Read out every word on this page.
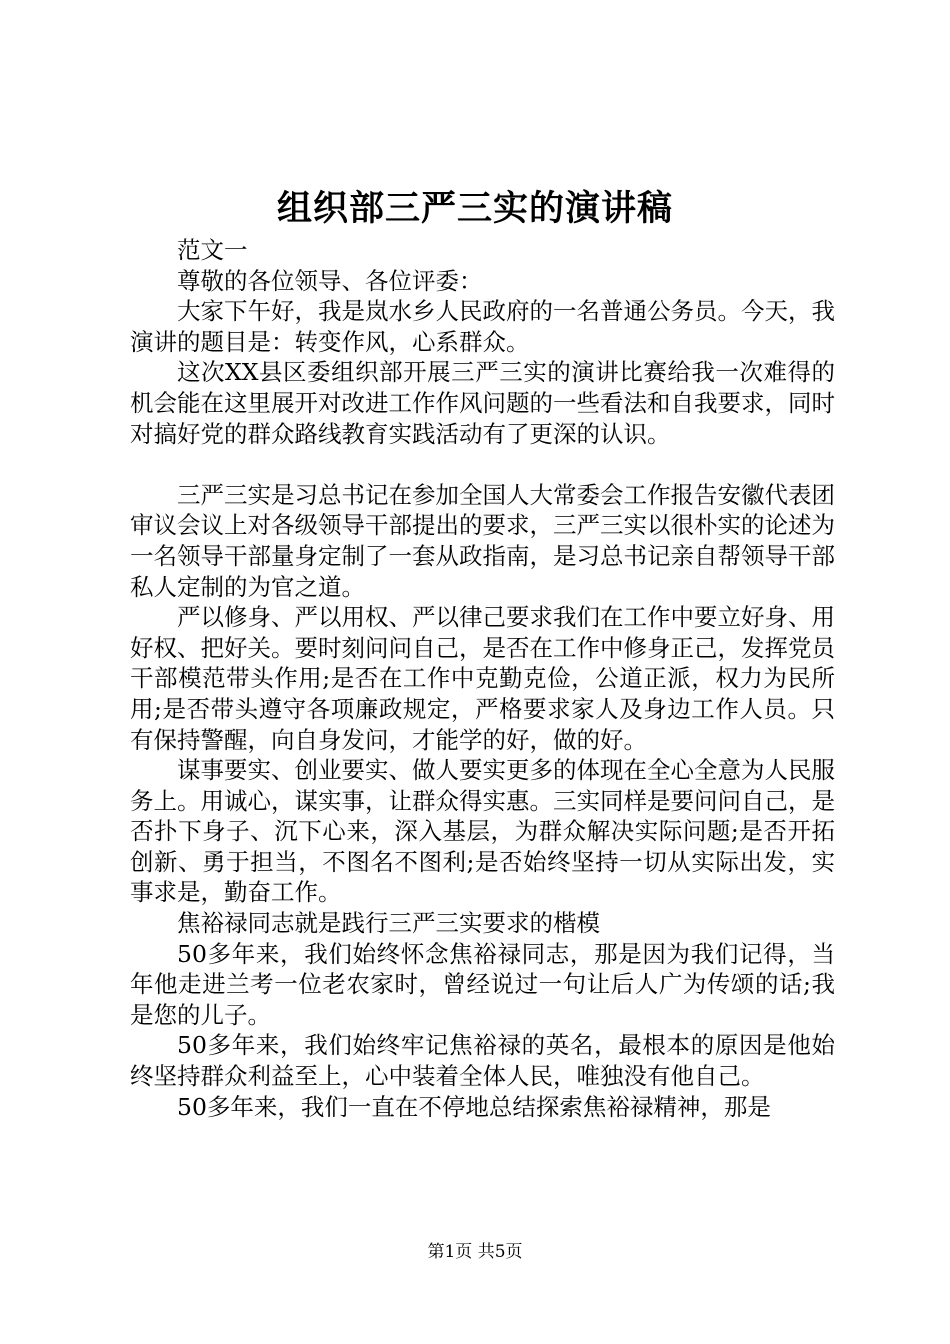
组织部三严三实的演讲稿

范文一

尊敬的各位领导、各位评委：

大家下午好，我是岚水乡人民政府的一名普通公务员。今天，我演讲的题目是：转变作风，心系群众。

这次XX县区委组织部开展三严三实的演讲比赛给我一次难得的机会能在这里展开对改进工作作风问题的一些看法和自我要求，同时对搞好党的群众路线教育实践活动有了更深的认识。

三严三实是习总书记在参加全国人大常委会工作报告安徽代表团审议会议上对各级领导干部提出的要求，三严三实以很朴实的论述为一名领导干部量身定制了一套从政指南，是习总书记亲自帮领导干部私人定制的为官之道。

严以修身、严以用权、严以律己要求我们在工作中要立好身、用好权、把好关。要时刻问问自己，是否在工作中修身正己，发挥党员干部模范带头作用;是否在工作中克勤克俭，公道正派，权力为民所用;是否带头遵守各项廉政规定，严格要求家人及身边工作人员。只有保持警醒，向自身发问，才能学的好，做的好。

谋事要实、创业要实、做人要实更多的体现在全心全意为人民服务上。用诚心，谋实事，让群众得实惠。三实同样是要问问自己，是否扑下身子、沉下心来，深入基层，为群众解决实际问题;是否开拓创新、勇于担当，不图名不图利;是否始终坚持一切从实际出发，实事求是，勤奋工作。

焦裕禄同志就是践行三严三实要求的楷模

50多年来，我们始终怀念焦裕禄同志，那是因为我们记得，当年他走进兰考一位老农家时，曾经说过一句让后人广为传颂的话;我是您的儿子。

50多年来，我们始终牢记焦裕禄的英名，最根本的原因是他始终坚持群众利益至上，心中装着全体人民，唯独没有他自己。

50多年来，我们一直在不停地总结探索焦裕禄精神，那是

第1页 共5页
